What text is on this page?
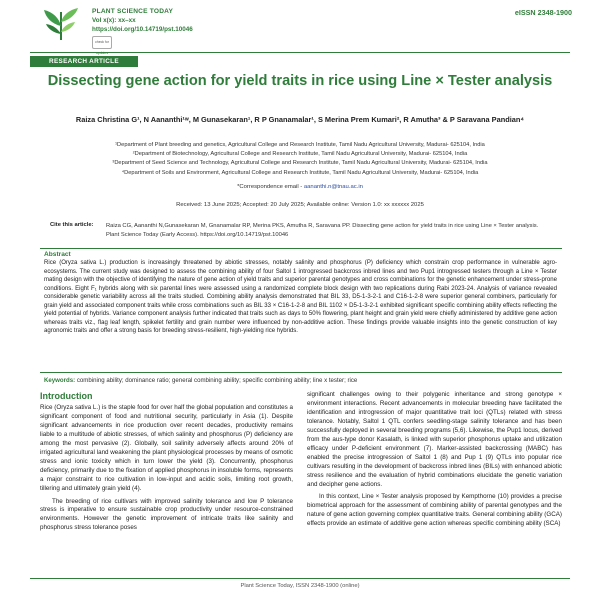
PLANT SCIENCE TODAY
Vol x(x): xx–xx
https://doi.org/10.14719/pst.10046
check for
eISSN 2348-1900
RESEARCH ARTICLE
Dissecting gene action for yield traits in rice using Line × Tester analysis
Raiza Christina G¹, N Aananthi¹ʷ, M Gunasekaran¹, R P Gnanamalar¹, S Merina Prem Kumari², R Amutha³ & P Saravana Pandian⁴
¹Department of Plant breeding and genetics, Agricultural College and Research Institute, Tamil Nadu Agricultural University, Madurai- 625104, India
²Department of Biotechnology, Agricultural College and Research Institute, Tamil Nadu Agricultural University, Madurai- 625104, India
³Department of Seed Science and Technology, Agricultural College and Research Institute, Tamil Nadu Agricultural University, Madurai- 625104, India
⁴Department of Soils and Environment, Agricultural College and Research Institute, Tamil Nadu Agricultural University, Madurai- 625104, India
*Correspondence email - aananthi.n@tnau.ac.in
Received: 13 June 2025; Accepted: 20 July 2025; Available online: Version 1.0: xx xxxxxx 2025
Cite this article: Raiza CG, Aananthi N,Gunasekaran M, Gnanamalar RP, Merina PKS, Amutha R, Saravana PP. Dissecting gene action for yield traits in rice using Line × Tester analysis. Plant Science Today (Early Access). https://doi.org/10.14719/pst.10046
Abstract
Rice (Oryza sativa L.) production is increasingly threatened by abiotic stresses, notably salinity and phosphorus (P) deficiency which constrain crop performance in vulnerable agro-ecosystems. The current study was designed to assess the combining ability of four Saltol 1 introgressed backcross inbred lines and two Pup1 introgressed testers through a Line × Tester mating design with the objective of identifying the nature of gene action of yield traits and superior parental genotypes and cross combinations for the genetic enhancement under stress-prone conditions. Eight F₁ hybrids along with six parental lines were assessed using a randomized complete block design with two replications during Rabi 2023-24. Analysis of variance revealed considerable genetic variability across all the traits studied. Combining ability analysis demonstrated that BIL 33, D5-1-3-2-1 and C16-1-2-8 were superior general combiners, particularly for grain yield and associated component traits while cross combinations such as BIL 33 × C16-1-2-8 and BIL 1102 × D5-1-3-2-1 exhibited significant specific combining ability effects reflecting the yield potential of hybrids. Variance component analysis further indicated that traits such as days to 50% flowering, plant height and grain yield were chiefly administered by additive gene action whereas traits viz., flag leaf length, spikelet fertility and grain number were influenced by non-additive action. These findings provide valuable insights into the genetic construction of key agronomic traits and offer a strong basis for breeding stress-resilient, high-yielding rice hybrids.
Keywords: combining ability; dominance ratio; general combining ability; specific combining ability; line x tester; rice
Introduction

Rice (Oryza sativa L.) is the staple food for over half the global population and constitutes a significant component of food and nutritional security, particularly in Asia (1). Despite significant advancements in rice production over recent decades, productivity remains liable to a multitude of abiotic stresses, of which salinity and phosphorus (P) deficiency are among the most pervasive (2). Globally, soil salinity adversely affects around 20% of irrigated agricultural land weakening the plant physiological processes by means of osmotic stress and ionic toxicity which in turn lower the yield (3). Concurrently, phosphorus deficiency, primarily due to the fixation of applied phosphorus in insoluble forms, represents a major constraint to rice cultivation in low-input and acidic soils, limiting root growth, tillering and ultimately grain yield (4).

The breeding of rice cultivars with improved salinity tolerance and low P tolerance stress is imperative to ensure sustainable crop productivity under resource-constrained environments. However the genetic improvement of intricate traits like salinity and phosphorus stress tolerance poses

significant challenges owing to their polygenic inheritance and strong genotype × environment interactions. Recent advancements in molecular breeding have facilitated the identification and introgression of major quantitative trait loci (QTLs) related with stress tolerance. Notably, Saltol 1 QTL confers seedling-stage salinity tolerance and has been successfully deployed in several breeding programs (5,6). Likewise, the Pup1 locus, derived from the aus-type donor Kasalath, is linked with superior phosphorus uptake and utilization efficacy under P-deficient environment (7). Marker-assisted backcrossing (MABC) has enabled the precise introgression of Saltol 1 (8) and Pup 1 (9) QTLs into popular rice cultivars resulting in the development of backcross inbred lines (BILs) with enhanced abiotic stress resilience and the evaluation of hybrid combinations elucidate the genetic variation and decipher gene actions.

In this context, Line × Tester analysis proposed by Kempthorne (10) provides a precise biometrical approach for the assessment of combining ability of parental genotypes and the nature of gene action governing complex quantitative traits. General combining ability (GCA) effects provide an estimate of additive gene action whereas specific combining ability (SCA)

Plant Science Today, ISSN 2348-1900 (online)
